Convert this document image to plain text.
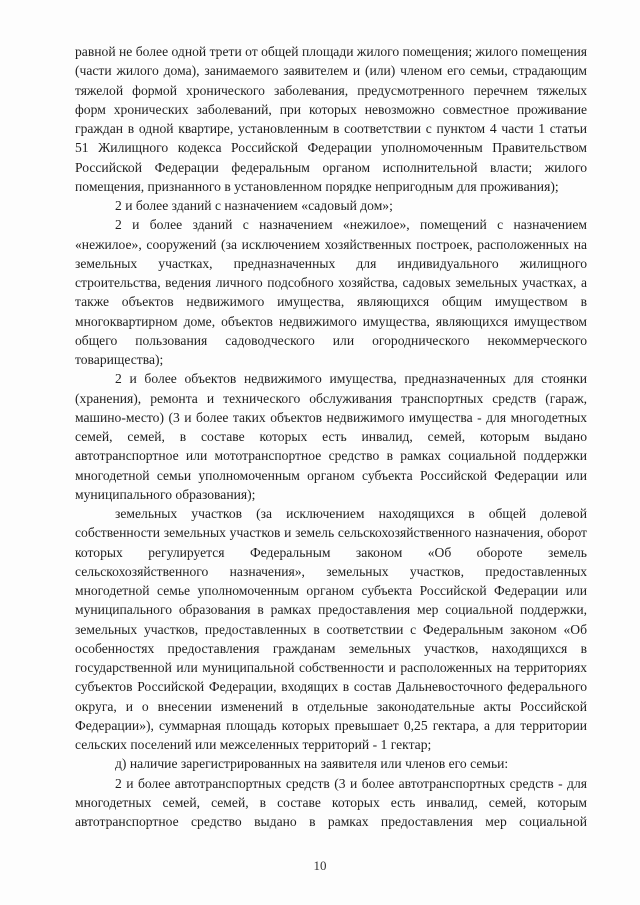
равной не более одной трети от общей площади жилого помещения; жилого помещения (части жилого дома), занимаемого заявителем и (или) членом его семьи, страдающим тяжелой формой хронического заболевания, предусмотренного перечнем тяжелых форм хронических заболеваний, при которых невозможно совместное проживание граждан в одной квартире, установленным в соответствии с пунктом 4 части 1 статьи 51 Жилищного кодекса Российской Федерации уполномоченным Правительством Российской Федерации федеральным органом исполнительной власти; жилого помещения, признанного в установленном порядке непригодным для проживания);

2 и более зданий с назначением «садовый дом»;

2 и более зданий с назначением «нежилое», помещений с назначением «нежилое», сооружений (за исключением хозяйственных построек, расположенных на земельных участках, предназначенных для индивидуального жилищного строительства, ведения личного подсобного хозяйства, садовых земельных участках, а также объектов недвижимого имущества, являющихся общим имуществом в многоквартирном доме, объектов недвижимого имущества, являющихся имуществом общего пользования садоводческого или огороднического некоммерческого товарищества);

2 и более объектов недвижимого имущества, предназначенных для стоянки (хранения), ремонта и технического обслуживания транспортных средств (гараж, машино-место) (3 и более таких объектов недвижимого имущества - для многодетных семей, семей, в составе которых есть инвалид, семей, которым выдано автотранспортное или мототранспортное средство в рамках социальной поддержки многодетной семьи уполномоченным органом субъекта Российской Федерации или муниципального образования);

земельных участков (за исключением находящихся в общей долевой собственности земельных участков и земель сельскохозяйственного назначения, оборот которых регулируется Федеральным законом «Об обороте земель сельскохозяйственного назначения», земельных участков, предоставленных многодетной семье уполномоченным органом субъекта Российской Федерации или муниципального образования в рамках предоставления мер социальной поддержки, земельных участков, предоставленных в соответствии с Федеральным законом «Об особенностях предоставления гражданам земельных участков, находящихся в государственной или муниципальной собственности и расположенных на территориях субъектов Российской Федерации, входящих в состав Дальневосточного федерального округа, и о внесении изменений в отдельные законодательные акты Российской Федерации»), суммарная площадь которых превышает 0,25 гектара, а для территории сельских поселений или межселенных территорий - 1 гектар;

д) наличие зарегистрированных на заявителя или членов его семьи:

2 и более автотранспортных средств (3 и более автотранспортных средств - для многодетных семей, семей, в составе которых есть инвалид, семей, которым автотранспортное средство выдано в рамках предоставления мер социальной

10
